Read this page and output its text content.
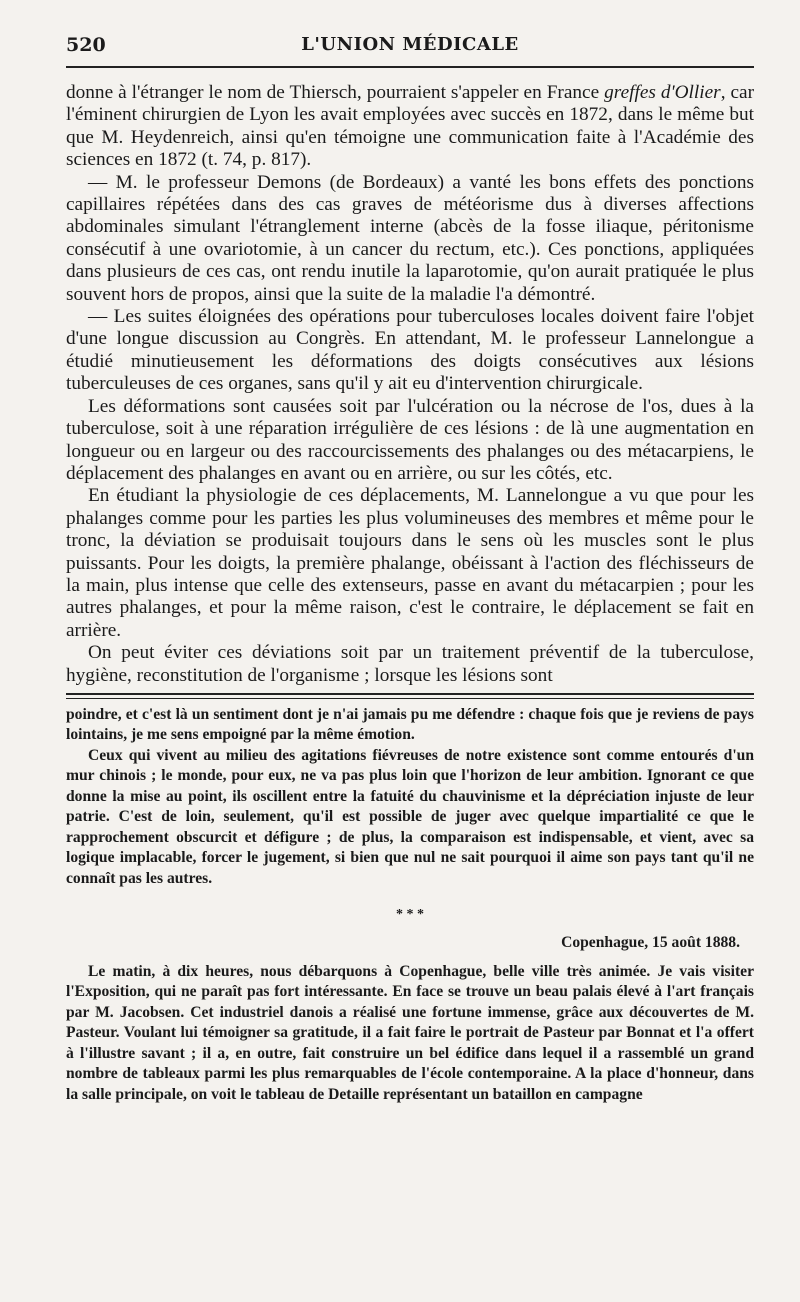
520	L'UNION MÉDICALE

donne à l'étranger le nom de Thiersch, pourraient s'appeler en France greffes d'Ollier, car l'éminent chirurgien de Lyon les avait employées avec succès en 1872, dans le même but que M. Heydenreich, ainsi qu'en témoigne une communication faite à l'Académie des sciences en 1872 (t. 74, p. 817).

— M. le professeur Demons (de Bordeaux) a vanté les bons effets des ponctions capillaires répétées dans des cas graves de météorisme dus à diverses affections abdominales simulant l'étranglement interne (abcès de la fosse iliaque, péritonisme consécutif à une ovariotomie, à un cancer du rectum, etc.). Ces ponctions, appliquées dans plusieurs de ces cas, ont rendu inutile la laparotomie, qu'on aurait pratiquée le plus souvent hors de propos, ainsi que la suite de la maladie l'a démontré.

— Les suites éloignées des opérations pour tuberculoses locales doivent faire l'objet d'une longue discussion au Congrès. En attendant, M. le professeur Lannelongue a étudié minutieusement les déformations des doigts consécutives aux lésions tuberculeuses de ces organes, sans qu'il y ait eu d'intervention chirurgicale.

Les déformations sont causées soit par l'ulcération ou la nécrose de l'os, dues à la tuberculose, soit à une réparation irrégulière de ces lésions : de là une augmentation en longueur ou en largeur ou des raccourcissements des phalanges ou des métacarpiens, le déplacement des phalanges en avant ou en arrière, ou sur les côtés, etc.

En étudiant la physiologie de ces déplacements, M. Lannelongue a vu que pour les phalanges comme pour les parties les plus volumineuses des membres et même pour le tronc, la déviation se produisait toujours dans le sens où les muscles sont le plus puissants. Pour les doigts, la première phalange, obéissant à l'action des fléchisseurs de la main, plus intense que celle des extenseurs, passe en avant du métacarpien ; pour les autres phalanges, et pour la même raison, c'est le contraire, le déplacement se fait en arrière.

On peut éviter ces déviations soit par un traitement préventif de la tuberculose, hygiène, reconstitution de l'organisme ; lorsque les lésions sont

poindre, et c'est là un sentiment dont je n'ai jamais pu me défendre : chaque fois que je reviens de pays lointains, je me sens empoigné par la même émotion.

Ceux qui vivent au milieu des agitations fiévreuses de notre existence sont comme entourés d'un mur chinois ; le monde, pour eux, ne va pas plus loin que l'horizon de leur ambition. Ignorant ce que donne la mise au point, ils oscillent entre la fatuité du chauvinisme et la dépréciation injuste de leur patrie. C'est de loin, seulement, qu'il est possible de juger avec quelque impartialité ce que le rapprochement obscurcit et défigure ; de plus, la comparaison est indispensable, et vient, avec sa logique implacable, forcer le jugement, si bien que nul ne sait pourquoi il aime son pays tant qu'il ne connaît pas les autres.

* * *
Copenhague, 15 août 1888.

Le matin, à dix heures, nous débarquons à Copenhague, belle ville très animée. Je vais visiter l'Exposition, qui ne paraît pas fort intéressante. En face se trouve un beau palais élevé à l'art français par M. Jacobsen. Cet industriel danois a réalisé une fortune immense, grâce aux découvertes de M. Pasteur. Voulant lui témoigner sa gratitude, il a fait faire le portrait de Pasteur par Bonnat et l'a offert à l'illustre savant ; il a, en outre, fait construire un bel édifice dans lequel il a rassemblé un grand nombre de tableaux parmi les plus remarquables de l'école contemporaine. A la place d'honneur, dans la salle principale, on voit le tableau de Detaille représentant un bataillon en campagne
